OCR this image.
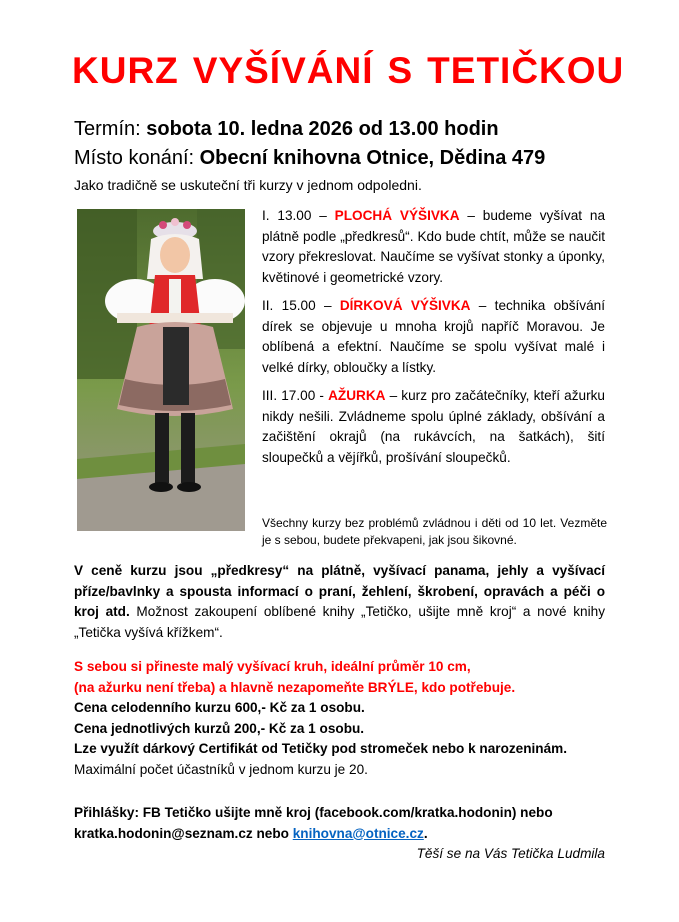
KURZ VYŠÍVÁNÍ S TETIČKOU
Termín: sobota 10. ledna 2026 od 13.00 hodin
Místo konání: Obecní knihovna Otnice, Dědina 479
Jako tradičně se uskuteční tři kurzy v jednom odpoledni.

I. 13.00 – PLOCHÁ VÝŠIVKA – budeme vyšívat na plátně podle „předkresů“. Kdo bude chtít, může se naučit vzory překreslovat. Naučíme se vyšívat stonky a úponky, květinové i geometrické vzory.

II. 15.00 – DÍRKOVÁ VÝŠIVKA – technika obšívání dírek se objevuje u mnoha krojů napříč Moravou. Je oblíbená a efektní. Naučíme se spolu vyšívat malé i velké dírky, obloučky a lístky.

III. 17.00 - AŽURKA – kurz pro začátečníky, kteří ažurku nikdy nešili. Zvládneme spolu úplné základy, obšívání a začištění okrajů (na rukávcích, na šatkách), šití sloupečků a vějířků, prošívání sloupečků.

Všechny kurzy bez problémů zvládnou i děti od 10 let. Vezměte je s sebou, budete překvapeni, jak jsou šikovné.
V ceně kurzu jsou „předkresy“ na plátně, vyšívací panama, jehly a vyšívací příze/bavlnky a spousta informací o praní, žehlení, škrobení, opravách a péči o kroj atd. Možnost zakoupení oblíbené knihy „Tetičko, ušijte mně kroj“ a nové knihy „Tetička vyšívá křížkem“.
S sebou si přineste malý vyšívací kruh, ideální průměr 10 cm,
(na ažurku není třeba) a hlavně nezapomeňte BRÝLE, kdo potřebuje.
Cena celodenního kurzu 600,- Kč za 1 osobu.
Cena jednotlivých kurzů 200,- Kč za 1 osobu.
Lze využít dárkový Certifikát od Tetičky pod stromeček nebo k narozeninám.
Maximální počet účastníků v jednom kurzu je 20.
Přihlášky: FB Tetičko ušijte mně kroj (facebook.com/kratka.hodonin) nebo
kratka.hodonin@seznam.cz nebo knihovna@otnice.cz.
Těší se na Vás Tetička Ludmila
